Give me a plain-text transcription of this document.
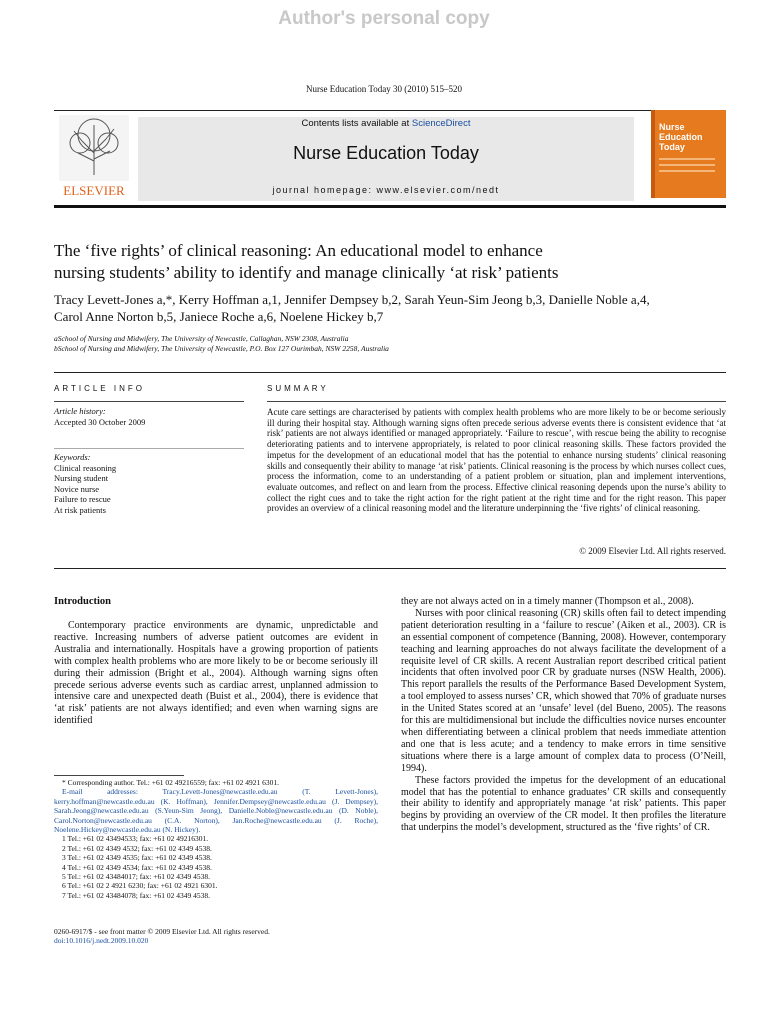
Author's personal copy
Nurse Education Today 30 (2010) 515–520
ELSEVIER
Contents lists available at ScienceDirect
Nurse Education Today
journal homepage: www.elsevier.com/nedt
Nurse
Education
Today
The ‘five rights’ of clinical reasoning: An educational model to enhance
nursing students’ ability to identify and manage clinically ‘at risk’ patients
Tracy Levett-Jones a,*, Kerry Hoffman a,1, Jennifer Dempsey b,2, Sarah Yeun-Sim Jeong b,3, Danielle Noble a,4,
Carol Anne Norton b,5, Janiece Roche a,6, Noelene Hickey b,7
aSchool of Nursing and Midwifery, The University of Newcastle, Callaghan, NSW 2308, Australia
bSchool of Nursing and Midwifery, The University of Newcastle, P.O. Box 127 Ourimbah, NSW 2258, Australia
ARTICLE INFO
Article history:
Accepted 30 October 2009
Keywords:
Clinical reasoning
Nursing student
Novice nurse
Failure to rescue
At risk patients
SUMMARY
Acute care settings are characterised by patients with complex health problems who are more likely to be or become seriously ill during their hospital stay. Although warning signs often precede serious adverse events there is consistent evidence that ‘at risk’ patients are not always identified or managed appropriately. ‘Failure to rescue’, with rescue being the ability to recognise deteriorating patients and to intervene appropriately, is related to poor clinical reasoning skills. These factors provided the impetus for the development of an educational model that has the potential to enhance nursing students’ clinical reasoning skills and consequently their ability to manage ‘at risk’ patients. Clinical reasoning is the process by which nurses collect cues, process the information, come to an understanding of a patient problem or situation, plan and implement interventions, evaluate outcomes, and reflect on and learn from the process. Effective clinical reasoning depends upon the nurse’s ability to collect the right cues and to take the right action for the right patient at the right time and for the right reason. This paper provides an overview of a clinical reasoning model and the literature underpinning the ‘five rights’ of clinical reasoning.
© 2009 Elsevier Ltd. All rights reserved.
Introduction
Contemporary practice environments are dynamic, unpredictable and reactive. Increasing numbers of adverse patient outcomes are evident in Australia and internationally. Hospitals have a growing proportion of patients with complex health problems who are more likely to be or become seriously ill during their admission (Bright et al., 2004). Although warning signs often precede serious adverse events such as cardiac arrest, unplanned admission to intensive care and unexpected death (Buist et al., 2004), there is evidence that ‘at risk’ patients are not always identified; and even when warning signs are identified
they are not always acted on in a timely manner (Thompson et al., 2008).
Nurses with poor clinical reasoning (CR) skills often fail to detect impending patient deterioration resulting in a ‘failure to rescue’ (Aiken et al., 2003). CR is an essential component of competence (Banning, 2008). However, contemporary teaching and learning approaches do not always facilitate the development of a requisite level of CR skills. A recent Australian report described critical patient incidents that often involved poor CR by graduate nurses (NSW Health, 2006). This report parallels the results of the Performance Based Development System, a tool employed to assess nurses’ CR, which showed that 70% of graduate nurses in the United States scored at an ‘unsafe’ level (del Bueno, 2005). The reasons for this are multidimensional but include the difficulties novice nurses encounter when differentiating between a clinical problem that needs immediate attention and one that is less acute; and a tendency to make errors in time sensitive situations where there is a large amount of complex data to process (O’Neill, 1994).
These factors provided the impetus for the development of an educational model that has the potential to enhance graduates’ CR skills and consequently their ability to identify and appropriately manage ‘at risk’ patients. This paper begins by providing an overview of the CR model. It then profiles the literature that underpins the model’s development, structured as the ‘five rights’ of CR.
* Corresponding author. Tel.: +61 02 49216559; fax: +61 02 4921 6301.
E-mail addresses: Tracy.Levett-Jones@newcastle.edu.au (T. Levett-Jones), kerry.hoffman@newcastle.edu.au (K. Hoffman), Jennifer.Dempsey@newcastle.edu.au (J. Dempsey), Sarah.Jeong@newcastle.edu.au (S.Yeun-Sim Jeong), Danielle.Noble@newcastle.edu.au (D. Noble), Carol.Norton@newcastle.edu.au (C.A. Norton), Jan.Roche@newcastle.edu.au (J. Roche), Noelene.Hickey@newcastle.edu.au (N. Hickey).
1 Tel.: +61 02 43494533; fax: +61 02 49216301.
2 Tel.: +61 02 4349 4532; fax: +61 02 4349 4538.
3 Tel.: +61 02 4349 4535; fax: +61 02 4349 4538.
4 Tel.: +61 02 4349 4534; fax: +61 02 4349 4538.
5 Tel.: +61 02 43484017; fax: +61 02 4349 4538.
6 Tel.: +61 02 2 4921 6230; fax: +61 02 4921 6301.
7 Tel.: +61 02 43484078; fax: +61 02 4349 4538.
0260-6917/$ - see front matter © 2009 Elsevier Ltd. All rights reserved.
doi:10.1016/j.nedt.2009.10.020
